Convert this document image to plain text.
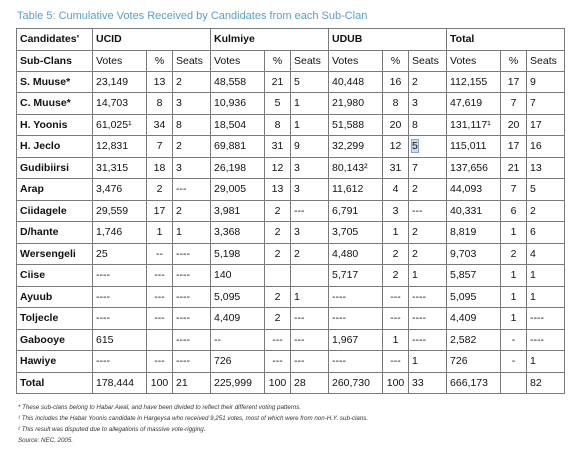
Table 5: Cumulative Votes Received by Candidates from each Sub-Clan
Candidates'	UCID			Kulmiye			UDUB			Total		
Sub-Clans	Votes	%	Seats	Votes	%	Seats	Votes	%	Seats	Votes	%	Seats
S. Muuse*	23,149	13	2	48,558	21	5	40,448	16	2	112,155	17	9
C. Muuse*	14,703	8	3	10,936	5	1	21,980	8	3	47,619	7	7
H. Yoonis	61,025¹	34	8	18,504	8	1	51,588	20	8	131,117¹	20	17
H. Jeclo	12,831	7	2	69,881	31	9	32,299	12	5	115,011	17	16
Gudibiirsi	31,315	18	3	26,198	12	3	80,143²	31	7	137,656	21	13
Arap	3,476	2	---	29,005	13	3	11,612	4	2	44,093	7	5
Ciidagele	29,559	17	2	3,981	2	---	6,791	3	---	40,331	6	2
D/hante	1,746	1	1	3,368	2	3	3,705	1	2	8,819	1	6
Wersengeli	25	--	----	5,198	2	2	4,480	2	2	9,703	2	4
Ciise	----	---	----	140			5,717	2	1	5,857	1	1
Ayuub	----	---	----	5,095	2	1	----	---	----	5,095	1	1
Toljecle	----	---	----	4,409	2	---	----	---	----	4,409	1	----
Gabooye	615		----	--	---	---	1,967	1	----	2,582	-	----
Hawiye	----	---	----	726	---	---	----	---	1	726	-	1
Total	178,444	100	21	225,999	100	28	260,730	100	33	666,173		82
* These sub-clans belong to Habar Awal, and have been divided to reflect their different voting patterns.
¹ This includes the Habar Yoonis candidate in Hargeysa who received 9,251 votes, most of which were from non-H.Y. sub-clans.
² This result was disputed due to allegations of massive vote-rigging.
Source: NEC, 2005.
